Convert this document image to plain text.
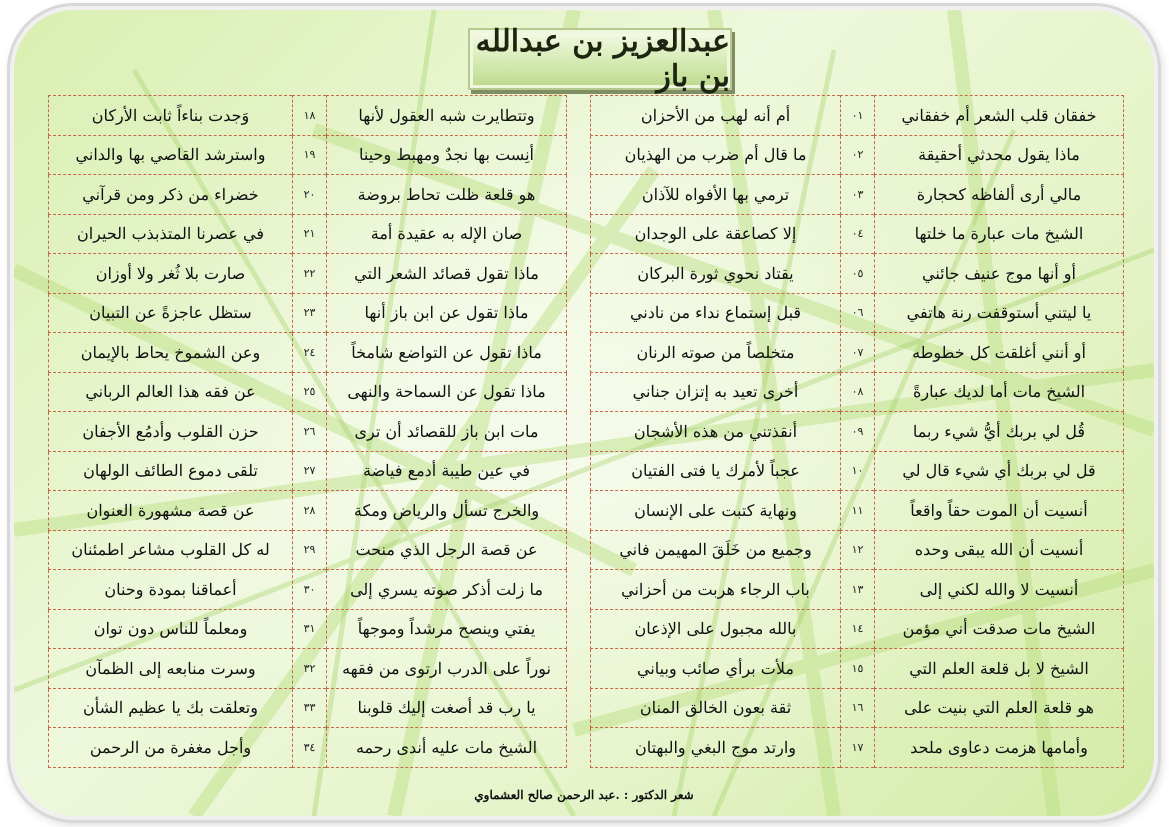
عبدالعزيز بن عبدالله بن باز
خفقان قلب الشعر أم خفقاني	٠١	أم أنه لهب من الأحزان		وتتطايرت شبه العقول لأنها	١٨	وَجدت بناءاً ثابت الأركان
ماذا يقول محدثي أحقيقة	٠٢	ما قال أم ضرب من الهذيان		أنِست بها نجدٌ ومهبط وحينا	١٩	واسترشد القاصي بها والداني
مالي أرى ألفاظه كحجارة	٠٣	ترمي بها الأفواه للآذان		هو قلعة ظلت تحاط بروضة	٢٠	خضراء من ذكر ومن قرآني
الشيخ مات عبارة ما خلتها	٠٤	إلا كصاعقة على الوجدان		صان الإله به عقيدة أمة	٢١	في عصرنا المتذبذب الحيران
أو أنها موج عنيف جائني	٠٥	يقتاد نحوي ثورة البركان		ماذا تقول قصائد الشعر التي	٢٢	صارت بلا ثُغر ولا أوزان
يا ليتني أستوقفت رنة هاتفي	٠٦	قبل إستماع نداء من نادني		ماذا تقول عن ابن باز أنها	٢٣	ستظل عاجزةً عن التبيان
أو أنني أغلقت كل خطوطه	٠٧	متخلصاً من صوته الرنان		ماذا تقول عن التواضع شامخاً	٢٤	وعن الشموخ يحاط بالإيمان
الشيخ مات أما لديك عبارةً	٠٨	أخرى تعيد به إتزان جناني		ماذا تقول عن السماحة والنهى	٢٥	عن فقه هذا العالم الرباني
قُل لي بربك أيُّ شيء ربما	٠٩	أنقذتني من هذه الأشجان		مات ابن باز للقصائد أن ترى	٢٦	حزن القلوب وأدمُع الأجفان
قل لي بربك أي شيء قال لي	١٠	عجباً لأمرك يا فتى الفتيان		في عين طيبة أدمع فياضة	٢٧	تلقى دموع الطائف الولهان
أنسيت أن الموت حقاً واقعاً	١١	ونهاية كتبت على الإنسان		والخرج تسأل والرياض ومكة	٢٨	عن قصة مشهورة العنوان
أنسيت أن الله يبقى وحده	١٢	وجميع من خَلَقَ المهيمن فاني		عن قصة الرجل الذي منحت	٢٩	له كل القلوب مشاعر اطمئنان
أنسيت لا والله لكني إلى	١٣	باب الرجاء هربت من أحزاني		ما زلت أذكر صوته يسري إلى	٣٠	أعماقنا بمودة وحنان
الشيخ مات صدقت أني مؤمن	١٤	بالله مجبول على الإذعان		يفتي وينصح مرشداً وموجهاً	٣١	ومعلماً للناس دون توان
الشيخ لا بل قلعة العلم التي	١٥	ملأت برأي صائب وبياني		نوراً على الدرب ارتوى من فقهه	٣٢	وسرت منابعه إلى الظمآن
هو قلعة العلم التي بنيت على	١٦	ثقة بعون الخالق المنان		يا رب قد أصغت إليك قلوبنا	٣٣	وتعلقت بك يا عظيم الشأن
وأمامها هزمت دعاوى ملحد	١٧	وارتد موج البغي والبهتان		الشيخ مات عليه أندى رحمه	٣٤	وأجل مغفرة من الرحمن
شعر الدكتور : .عبد الرحمن صالح العشماوي
